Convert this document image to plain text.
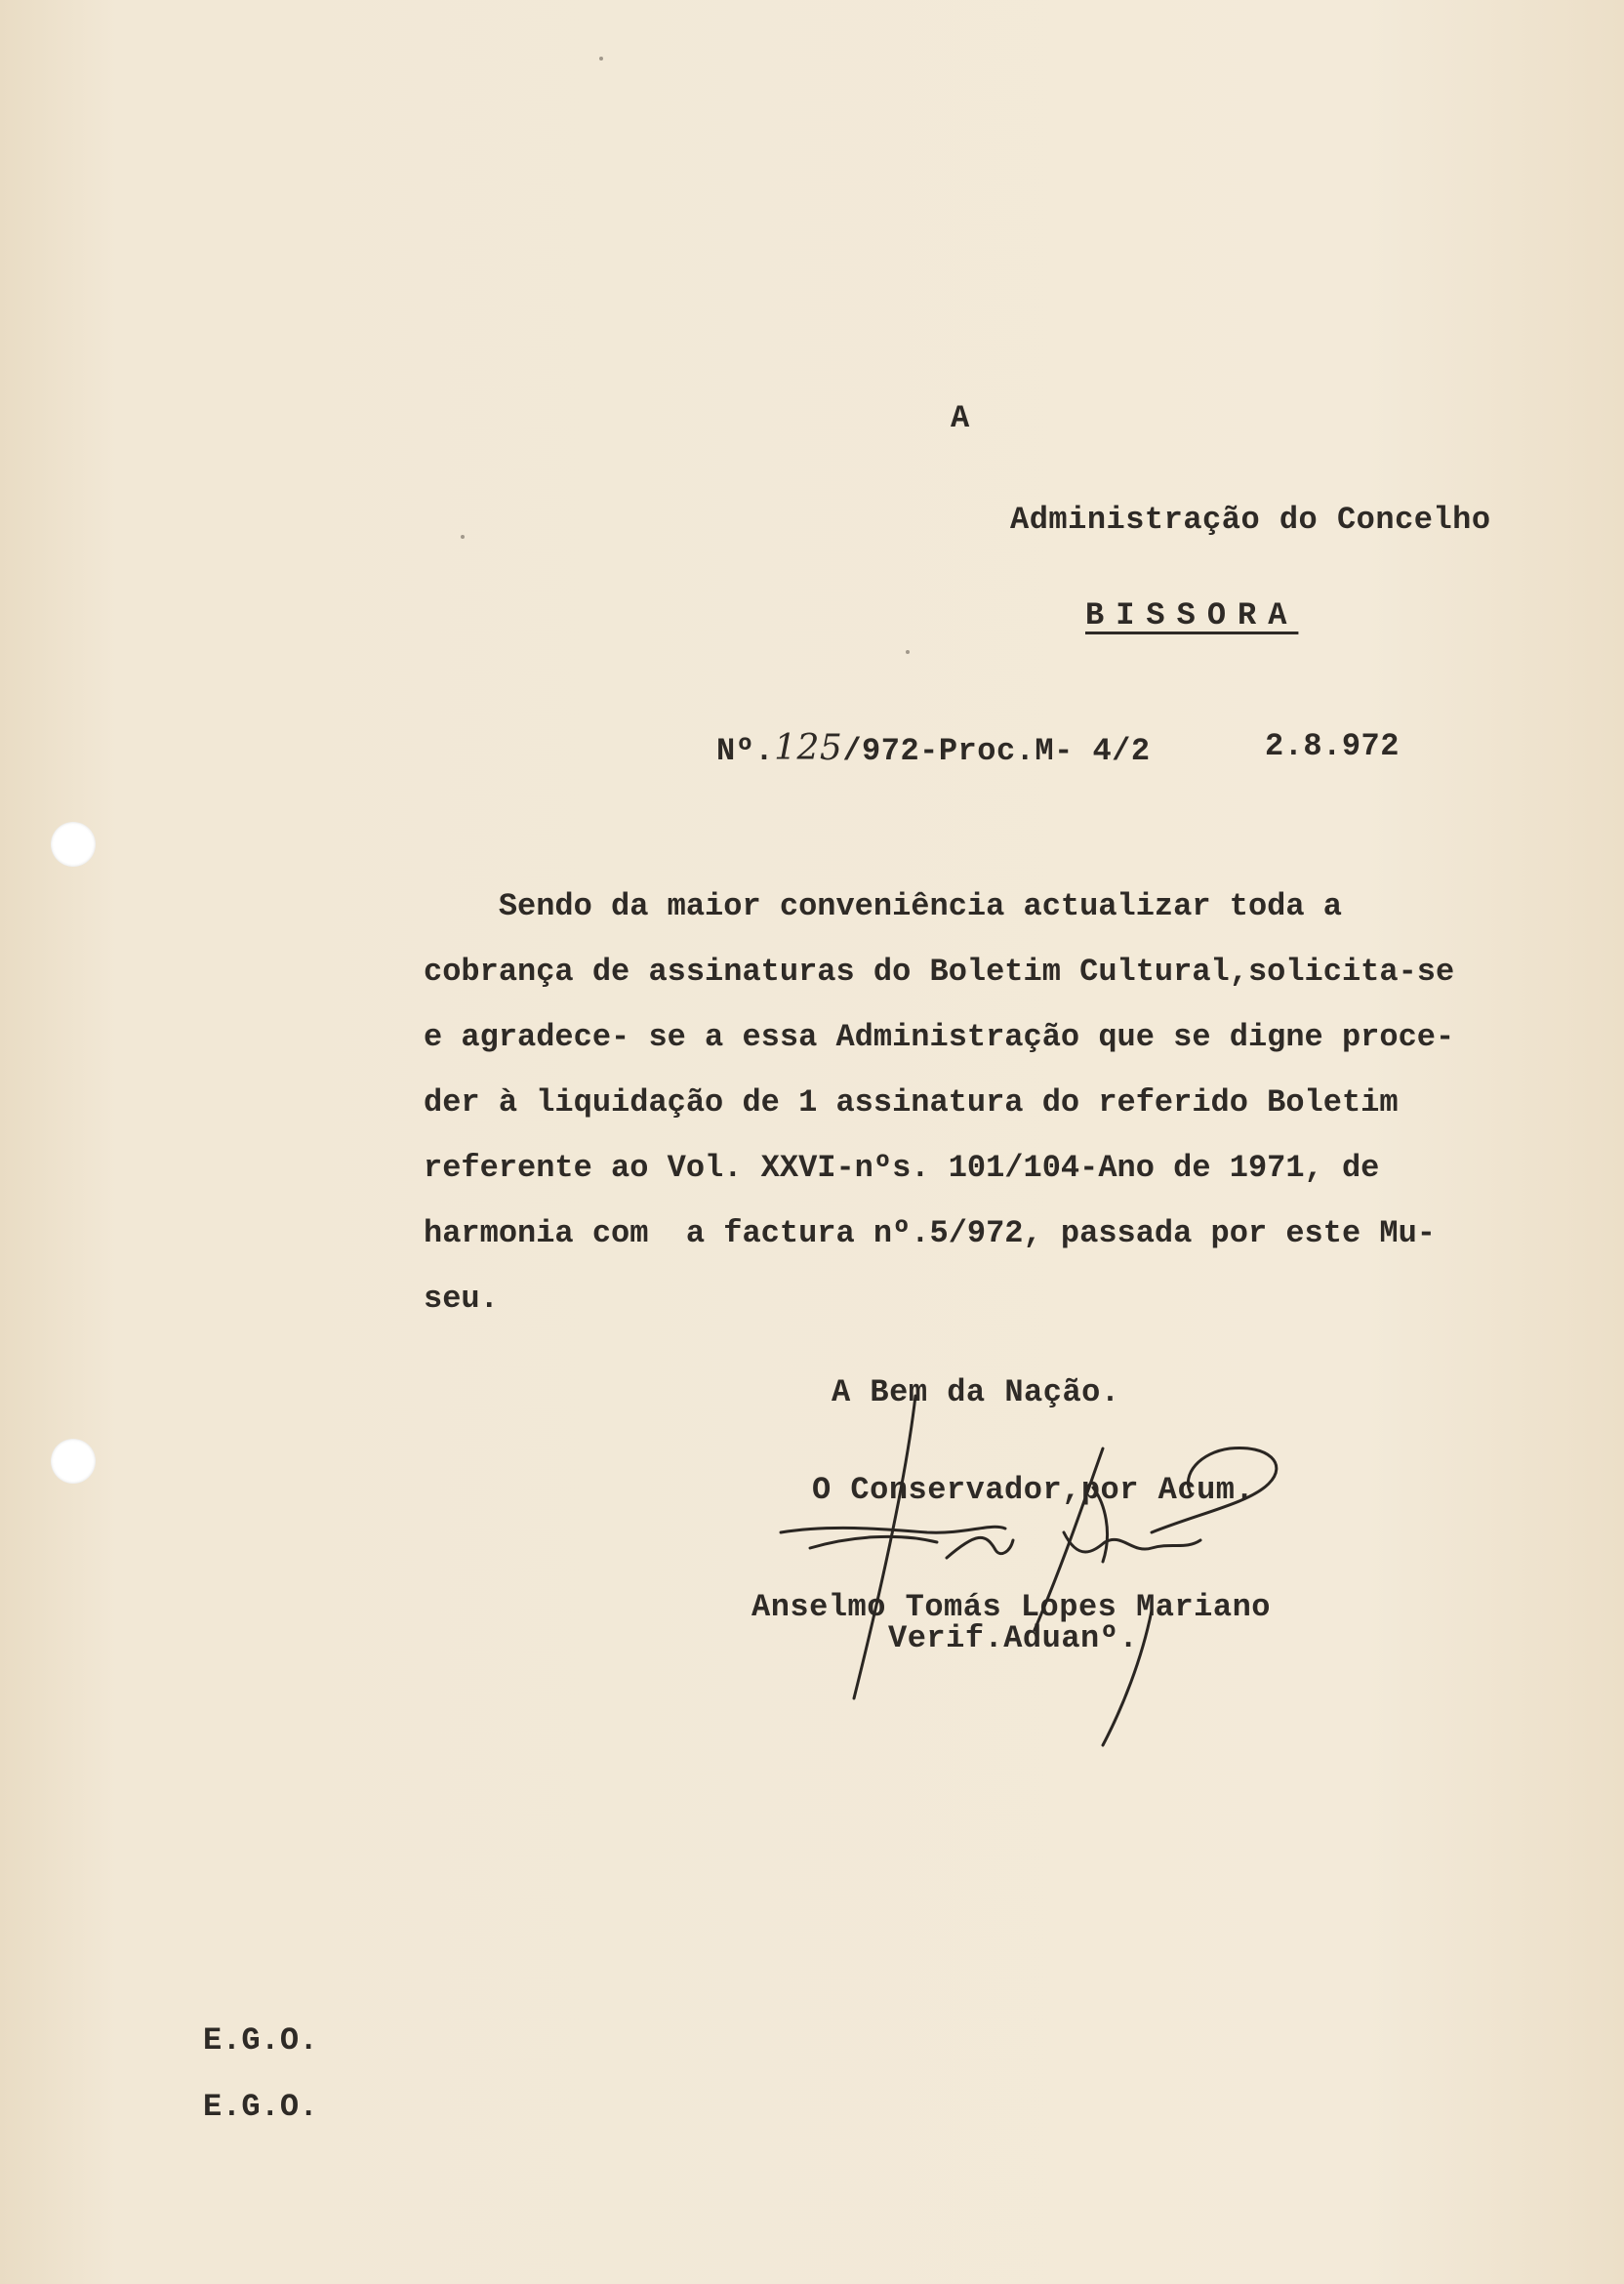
A
Administração do Concelho
BISSORA
Nº.125/972-Proc.M- 4/2	2.8.972
Sendo da maior conveniência actualizar toda a
cobrança de assinaturas do Boletim Cultural,solicita-se
e agradece- se a essa Administração que se digne proce-
der à liquidação de 1 assinatura do referido Boletim
referente ao Vol. XXVI-nºs. 101/104-Ano de 1971, de
harmonia com  a factura nº.5/972, passada por este Mu-
seu.
A Bem da Nação.
O Conservador,por Acum.
Anselmo Tomás Lopes Mariano
Verif.Aduanº.
E.G.O.
E.G.O.
